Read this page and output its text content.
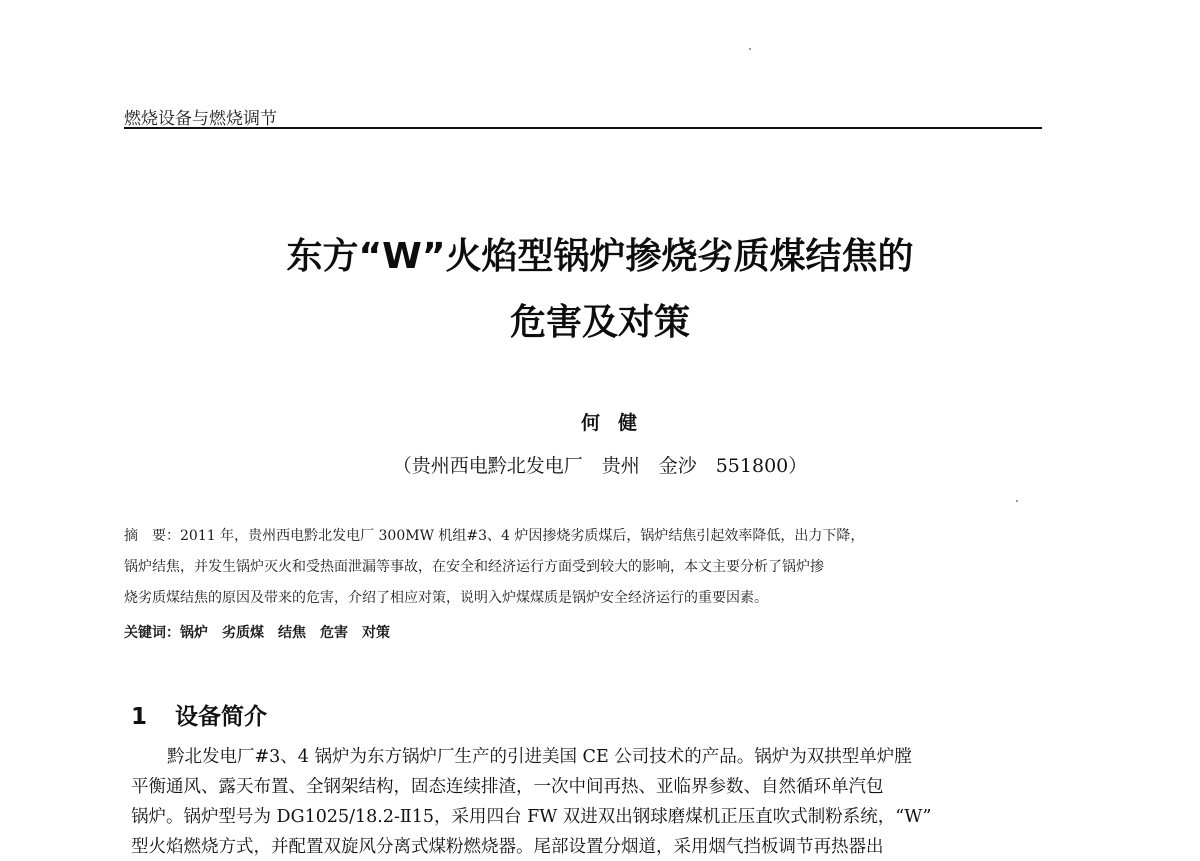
燃烧设备与燃烧调节
东方“W”火焰型锅炉掺烧劣质煤结焦的
危害及对策
何健
（贵州西电黔北发电厂　贵州　金沙　551800）
摘　要：2011 年，贵州西电黔北发电厂 300MW 机组#3、4 炉因掺烧劣质煤后，锅炉结焦引起效率降低，出力下降，
锅炉结焦，并发生锅炉灭火和受热面泄漏等事故，在安全和经济运行方面受到较大的影响，本文主要分析了锅炉掺
烧劣质煤结焦的原因及带来的危害，介绍了相应对策，说明入炉煤煤质是锅炉安全经济运行的重要因素。
关键词：锅炉　劣质煤　结焦　危害　对策
1 设备简介
黔北发电厂#3、4 锅炉为东方锅炉厂生产的引进美国 CE 公司技术的产品。锅炉为双拱型单炉膛
平衡通风、露天布置、全钢架结构，固态连续排渣，一次中间再热、亚临界参数、自然循环单汽包
锅炉。锅炉型号为 DG1025/18.2-Ⅱ15，采用四台 FW 双进双出钢球磨煤机正压直吹式制粉系统，“W”
型火焰燃烧方式，并配置双旋风分离式煤粉燃烧器。尾部设置分烟道，采用烟气挡板调节再热器出
